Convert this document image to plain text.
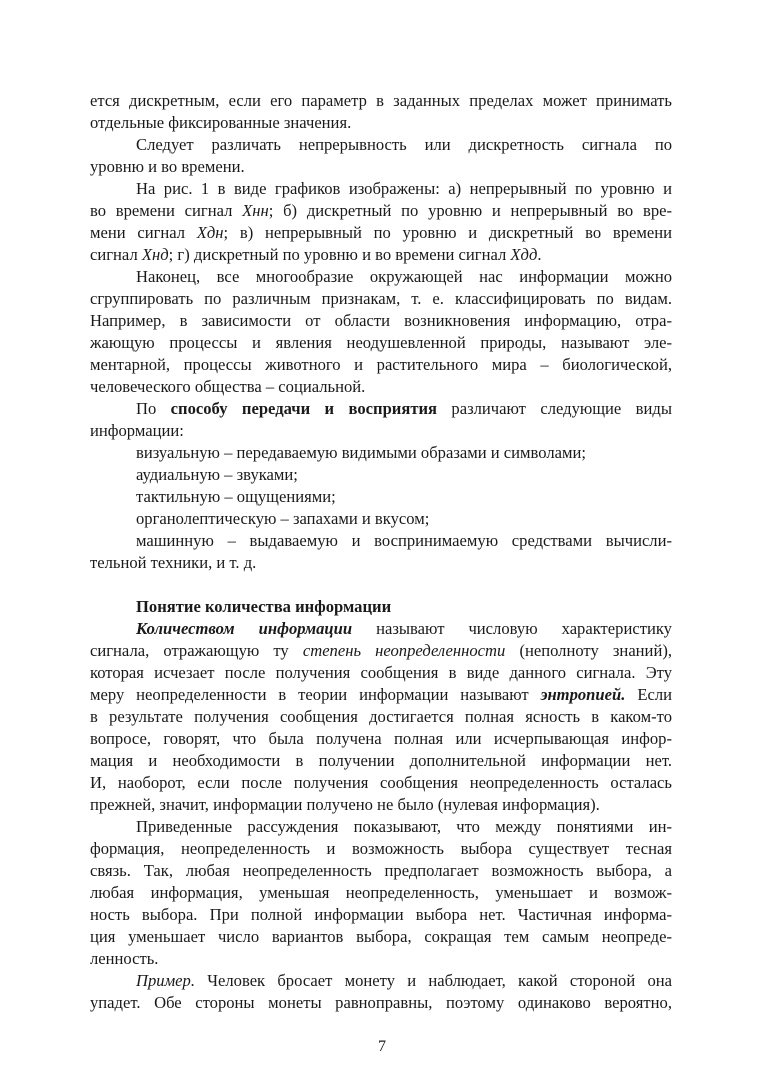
ется дискретным, если его параметр в заданных пределах может принимать
отдельные фиксированные значения.
Следует различать непрерывность или дискретность сигнала по
уровню и во времени.
На рис. 1 в виде графиков изображены: а) непрерывный по уровню и
во времени сигнал Xнн; б) дискретный по уровню и непрерывный во вре-
мени сигнал Xдн; в) непрерывный по уровню и дискретный во времени
сигнал Xнд; г) дискретный по уровню и во времени сигнал Xдд.
Наконец, все многообразие окружающей нас информации можно
сгруппировать по различным признакам, т. е. классифицировать по видам.
Например, в зависимости от области возникновения информацию, отра-
жающую процессы и явления неодушевленной природы, называют эле-
ментарной, процессы животного и растительного мира – биологической,
человеческого общества – социальной.
По способу передачи и восприятия различают следующие виды
информации:
визуальную – передаваемую видимыми образами и символами;
аудиальную – звуками;
тактильную – ощущениями;
органолептическую – запахами и вкусом;
машинную – выдаваемую и воспринимаемую средствами вычисли-
тельной техники, и т. д.
Понятие количества информации
Количеством информации называют числовую характеристику
сигнала, отражающую ту степень неопределенности (неполноту знаний),
которая исчезает после получения сообщения в виде данного сигнала. Эту
меру неопределенности в теории информации называют энтропией. Если
в результате получения сообщения достигается полная ясность в каком-то
вопросе, говорят, что была получена полная или исчерпывающая инфор-
мация и необходимости в получении дополнительной информации нет.
И, наоборот, если после получения сообщения неопределенность осталась
прежней, значит, информации получено не было (нулевая информация).
Приведенные рассуждения показывают, что между понятиями ин-
формация, неопределенность и возможность выбора существует тесная
связь. Так, любая неопределенность предполагает возможность выбора, а
любая информация, уменьшая неопределенность, уменьшает и возмож-
ность выбора. При полной информации выбора нет. Частичная информа-
ция уменьшает число вариантов выбора, сокращая тем самым неопреде-
ленность.
Пример. Человек бросает монету и наблюдает, какой стороной она
упадет. Обе стороны монеты равноправны, поэтому одинаково вероятно,
7
